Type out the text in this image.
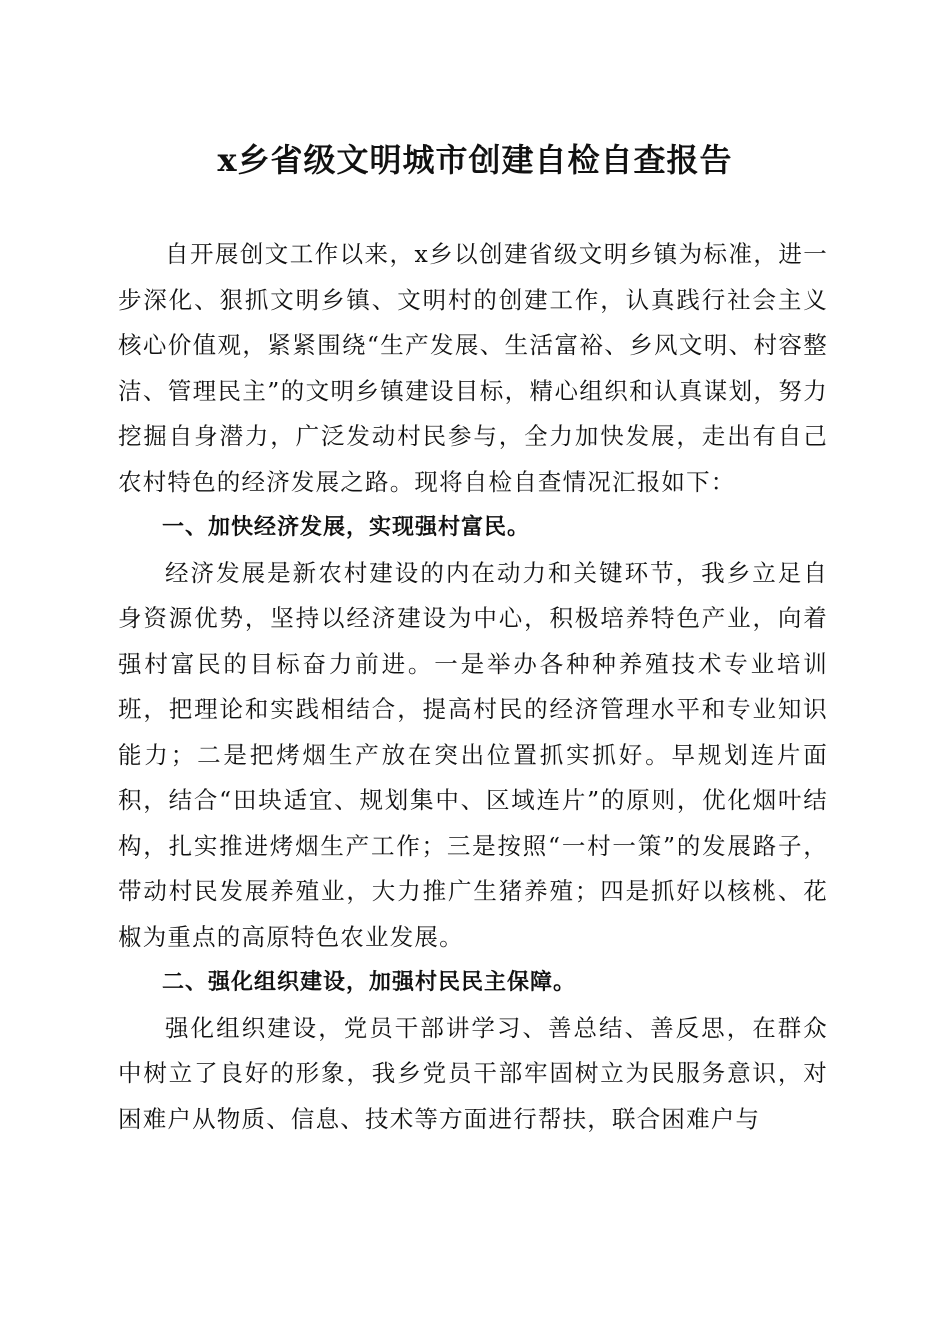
x乡省级文明城市创建自检自查报告

自开展创文工作以来，x乡以创建省级文明乡镇为标准，进一步深化、狠抓文明乡镇、文明村的创建工作，认真践行社会主义核心价值观，紧紧围绕“生产发展、生活富裕、乡风文明、村容整洁、管理民主”的文明乡镇建设目标，精心组织和认真谋划，努力挖掘自身潜力，广泛发动村民参与，全力加快发展，走出有自己农村特色的经济发展之路。现将自检自查情况汇报如下：

一、加快经济发展，实现强村富民。

经济发展是新农村建设的内在动力和关键环节，我乡立足自身资源优势，坚持以经济建设为中心，积极培养特色产业，向着强村富民的目标奋力前进。一是举办各种种养殖技术专业培训班，把理论和实践相结合，提高村民的经济管理水平和专业知识能力；二是把烤烟生产放在突出位置抓实抓好。早规划连片面积，结合“田块适宜、规划集中、区域连片”的原则，优化烟叶结构，扎实推进烤烟生产工作；三是按照“一村一策”的发展路子，带动村民发展养殖业，大力推广生猪养殖；四是抓好以核桃、花椒为重点的高原特色农业发展。

二、强化组织建设，加强村民民主保障。

强化组织建设，党员干部讲学习、善总结、善反思，在群众中树立了良好的形象，我乡党员干部牢固树立为民服务意识，对困难户从物质、信息、技术等方面进行帮扶，联合困难户与
